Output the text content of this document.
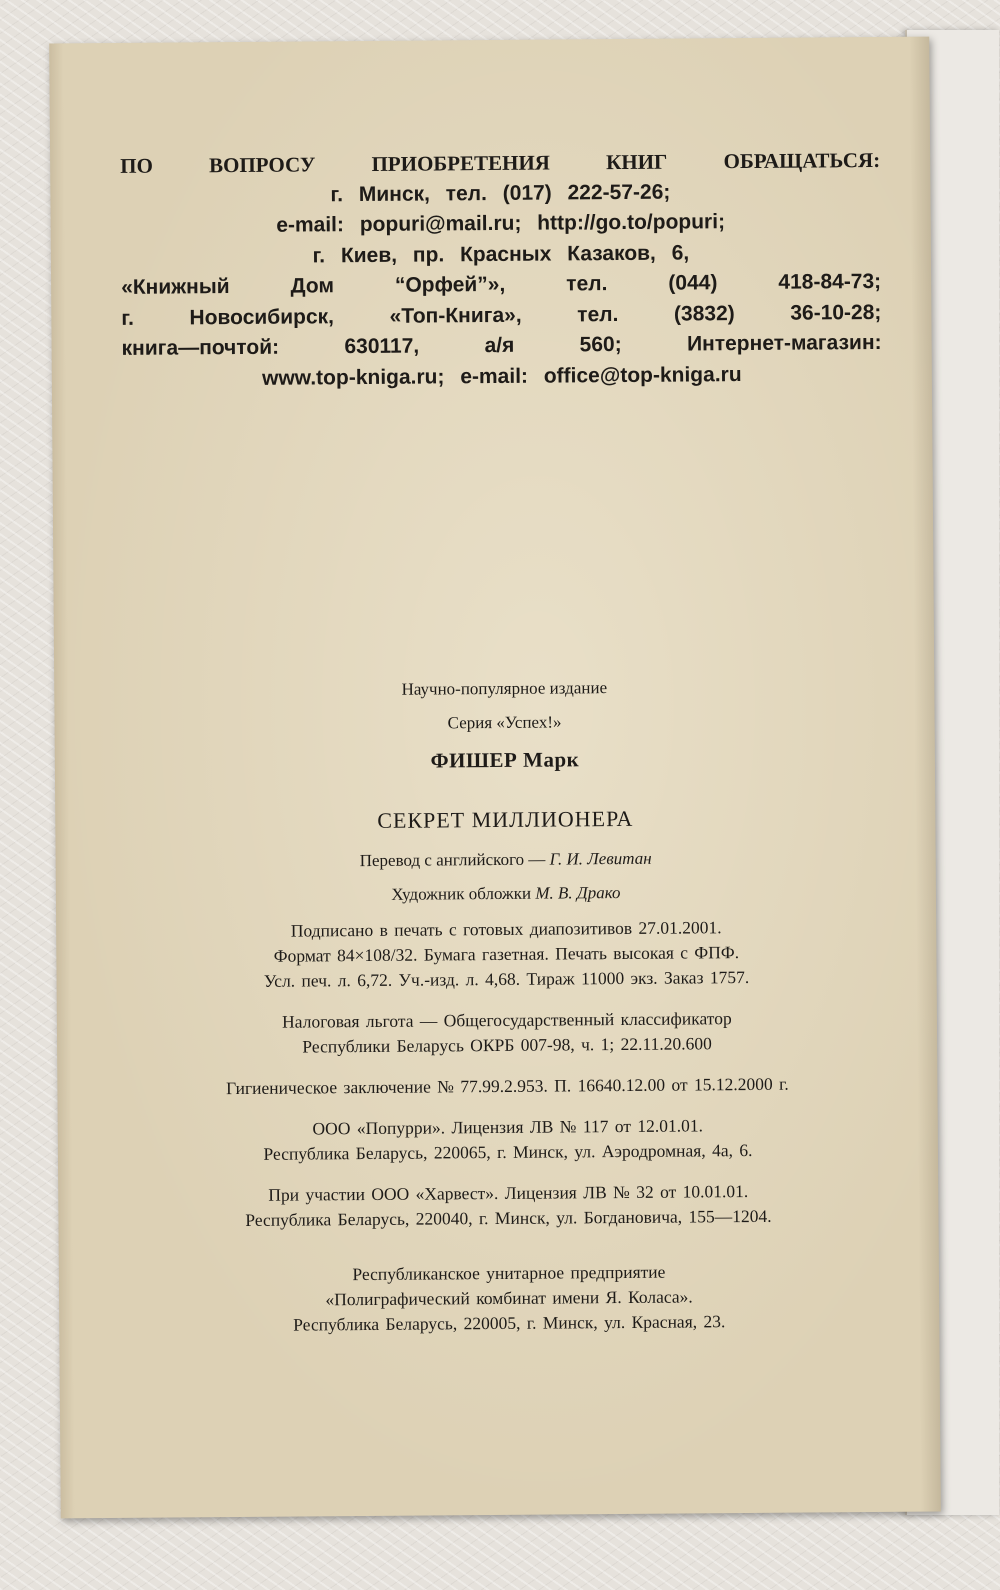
ПО ВОПРОСУ ПРИОБРЕТЕНИЯ КНИГ ОБРАЩАТЬСЯ:
г. Минск, тел. (017) 222-57-26;
e-mail: popuri@mail.ru; http://go.to/popuri;
г. Киев, пр. Красных Казаков, 6,
«Книжный Дом “Орфей”», тел. (044) 418-84-73;
г. Новосибирск, «Топ-Книга», тел. (3832) 36-10-28;
книга—почтой: 630117, а/я 560; Интернет-магазин:
www.top-kniga.ru; e-mail: office@top-kniga.ru
Научно-популярное издание
Серия «Успех!»
ФИШЕР Марк
СЕКРЕТ МИЛЛИОНЕРА
Перевод с английского — Г. И. Левитан
Художник обложки М. В. Драко
Подписано в печать с готовых диапозитивов 27.01.2001.
Формат 84×108/32. Бумага газетная. Печать высокая с ФПФ.
Усл. печ. л. 6,72. Уч.-изд. л. 4,68. Тираж 11000 экз. Заказ 1757.
Налоговая льгота — Общегосударственный классификатор
Республики Беларусь ОКРБ 007-98, ч. 1; 22.11.20.600
Гигиеническое заключение № 77.99.2.953. П. 16640.12.00 от 15.12.2000 г.
ООО «Попурри». Лицензия ЛВ № 117 от 12.01.01.
Республика Беларусь, 220065, г. Минск, ул. Аэродромная, 4а, 6.
При участии ООО «Харвест». Лицензия ЛВ № 32 от 10.01.01.
Республика Беларусь, 220040, г. Минск, ул. Богдановича, 155—1204.
Республиканское унитарное предприятие
«Полиграфический комбинат имени Я. Коласа».
Республика Беларусь, 220005, г. Минск, ул. Красная, 23.
